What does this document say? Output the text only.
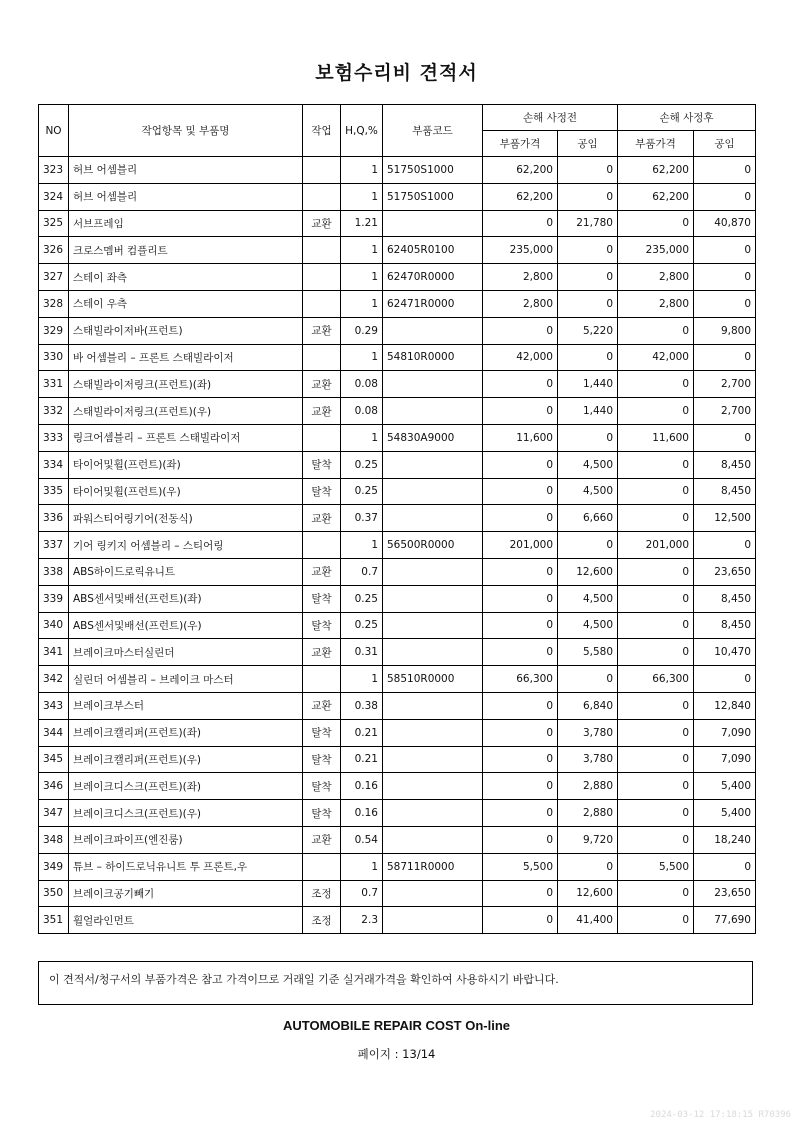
보험수리비 견적서
NO	작업항목 및 부품명	작업	H,Q,%	부품코드	손해 사정전		손해 사정후	
					부품가격	공임	부품가격	공임
323	허브 어셈블리		1	51750S1000	62,200	0	62,200	0
324	허브 어셈블리		1	51750S1000	62,200	0	62,200	0
325	서브프레임	교환	1.21		0	21,780	0	40,870
326	크로스멤버 컴플리트		1	62405R0100	235,000	0	235,000	0
327	스테이 좌측		1	62470R0000	2,800	0	2,800	0
328	스테이 우측		1	62471R0000	2,800	0	2,800	0
329	스태빌라이저바(프런트)	교환	0.29		0	5,220	0	9,800
330	바 어셈블리 – 프론트 스태빌라이저		1	54810R0000	42,000	0	42,000	0
331	스태빌라이저링크(프런트)(좌)	교환	0.08		0	1,440	0	2,700
332	스태빌라이저링크(프런트)(우)	교환	0.08		0	1,440	0	2,700
333	링크어셈블리 – 프론트 스태빌라이저		1	54830A9000	11,600	0	11,600	0
334	타이어및휠(프런트)(좌)	탈착	0.25		0	4,500	0	8,450
335	타이어및휠(프런트)(우)	탈착	0.25		0	4,500	0	8,450
336	파워스티어링기어(전동식)	교환	0.37		0	6,660	0	12,500
337	기어 링키지 어셈블리 – 스티어링		1	56500R0000	201,000	0	201,000	0
338	ABS하이드로릭유니트	교환	0.7		0	12,600	0	23,650
339	ABS센서및배선(프런트)(좌)	탈착	0.25		0	4,500	0	8,450
340	ABS센서및배선(프런트)(우)	탈착	0.25		0	4,500	0	8,450
341	브레이크마스터실린더	교환	0.31		0	5,580	0	10,470
342	실린더 어셈블리 – 브레이크 마스터		1	58510R0000	66,300	0	66,300	0
343	브레이크부스터	교환	0.38		0	6,840	0	12,840
344	브레이크캘리퍼(프런트)(좌)	탈착	0.21		0	3,780	0	7,090
345	브레이크캘리퍼(프런트)(우)	탈착	0.21		0	3,780	0	7,090
346	브레이크디스크(프런트)(좌)	탈착	0.16		0	2,880	0	5,400
347	브레이크디스크(프런트)(우)	탈착	0.16		0	2,880	0	5,400
348	브레이크파이프(엔진룸)	교환	0.54		0	9,720	0	18,240
349	튜브 – 하이드로닉유니트 투 프론트,우		1	58711R0000	5,500	0	5,500	0
350	브레이크공기빼기	조정	0.7		0	12,600	0	23,650
351	휠얼라인먼트	조정	2.3		0	41,400	0	77,690
이 견적서/청구서의 부품가격은 참고 가격이므로 거래일 기준 실거래가격을 확인하여 사용하시기 바랍니다.
AUTOMOBILE REPAIR COST On-line
페이지 : 13/14
2024-03-12 17:18:15 R70396
